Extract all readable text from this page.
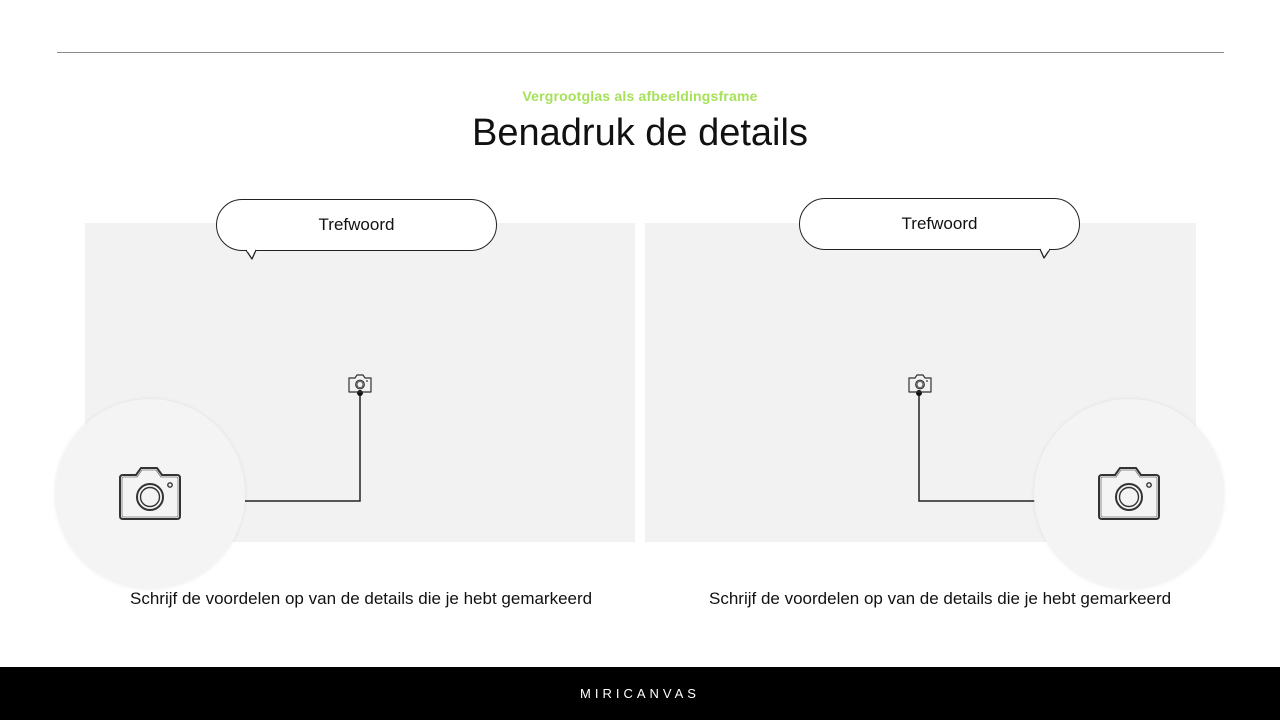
Vergrootglas als afbeeldingsframe
Benadruk de details
Trefwoord	Trefwoord
Schrijf de voordelen op van de details die je hebt gemarkeerd	Schrijf de voordelen op van de details die je hebt gemarkeerd
MIRICANVAS
